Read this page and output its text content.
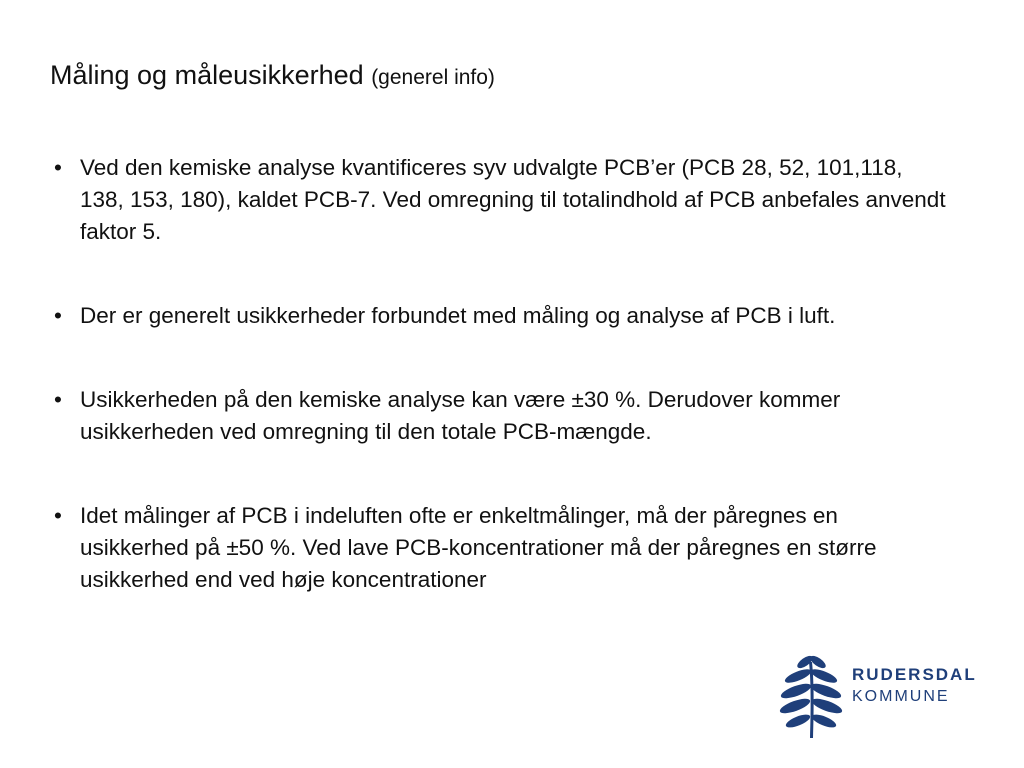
Måling og måleusikkerhed (generel info)
• Ved den kemiske analyse kvantificeres syv udvalgte PCB’er (PCB 28, 52, 101,118, 138, 153, 180), kaldet PCB-7. Ved omregning til totalindhold af PCB anbefales anvendt faktor 5.
• Der er generelt usikkerheder forbundet med måling og analyse af PCB i luft.
• Usikkerheden på den kemiske analyse kan være ±30 %. Derudover kommer usikkerheden ved omregning til den totale PCB-mængde.
• Idet målinger af PCB i indeluften ofte er enkeltmålinger, må der påregnes en usikkerhed på ±50 %. Ved lave PCB-koncentrationer må der påregnes en større usikkerhed end ved høje koncentrationer
RUDERSDAL
KOMMUNE
